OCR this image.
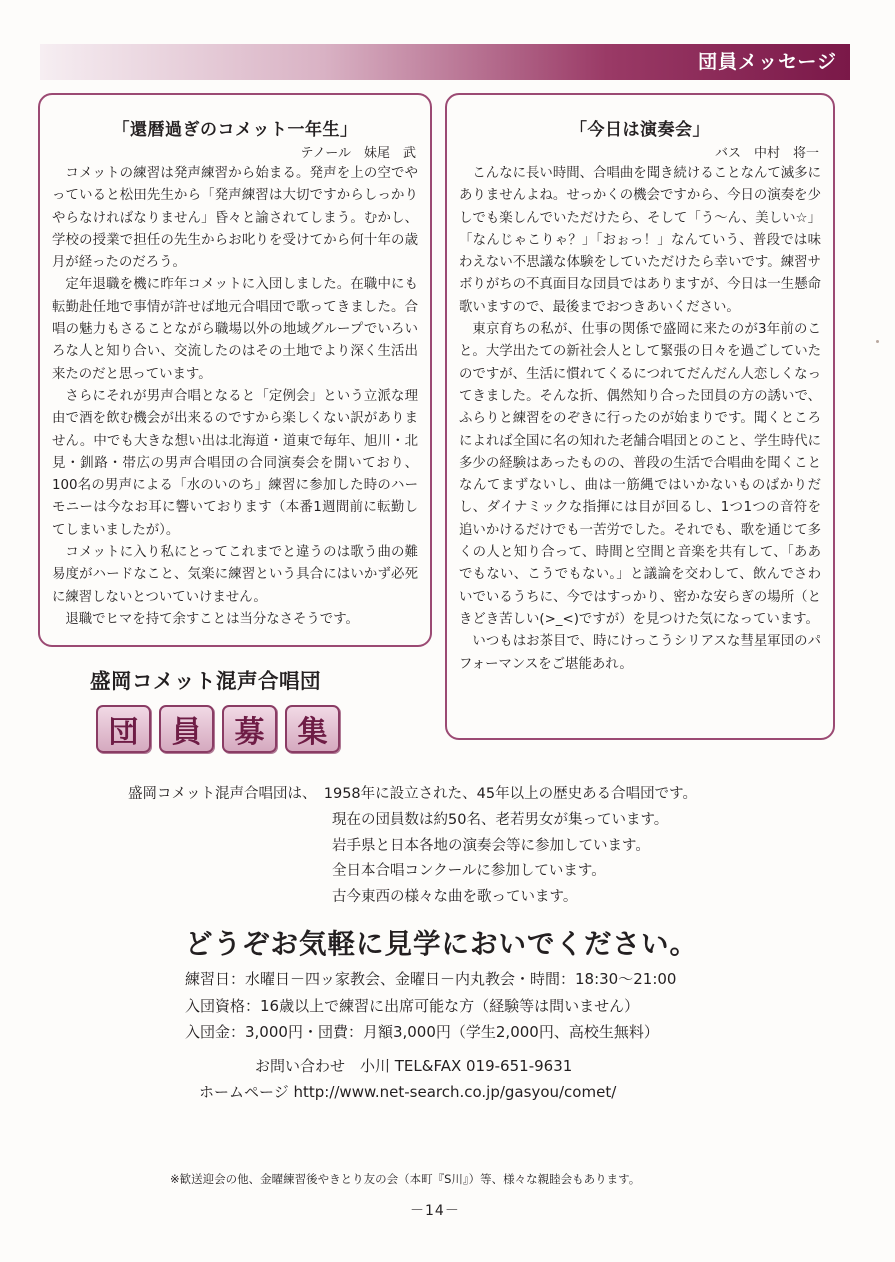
団員メッセージ
「還暦過ぎのコメット一年生」
テノール　妹尾　武

コメットの練習は発声練習から始まる。発声を上の空でやっていると松田先生から「発声練習は大切ですからしっかりやらなければなりません」昏々と諭されてしまう。むかし、学校の授業で担任の先生からお叱りを受けてから何十年の歳月が経ったのだろう。

定年退職を機に昨年コメットに入団しました。在職中にも転勤赴任地で事情が許せば地元合唱団で歌ってきました。合唱の魅力もさることながら職場以外の地域グループでいろいろな人と知り合い、交流したのはその土地でより深く生活出来たのだと思っています。

さらにそれが男声合唱となると「定例会」という立派な理由で酒を飲む機会が出来るのですから楽しくない訳がありません。中でも大きな想い出は北海道・道東で毎年、旭川・北見・釧路・帯広の男声合唱団の合同演奏会を開いており、100名の男声による「水のいのち」練習に参加した時のハーモニーは今なお耳に響いております（本番1週間前に転勤してしまいましたが）。

コメットに入り私にとってこれまでと違うのは歌う曲の難易度がハードなこと、気楽に練習という具合にはいかず必死に練習しないとついていけません。

退職でヒマを持て余すことは当分なさそうです。

「今日は演奏会」
バス　中村　将一

こんなに長い時間、合唱曲を聞き続けることなんて滅多にありませんよね。せっかくの機会ですから、今日の演奏を少しでも楽しんでいただけたら、そして「う～ん、美しい☆」「なんじゃこりゃ？」「おぉっ！」なんていう、普段では味わえない不思議な体験をしていただけたら幸いです。練習サボりがちの不真面目な団員ではありますが、今日は一生懸命歌いますので、最後までおつきあいください。

東京育ちの私が、仕事の関係で盛岡に来たのが3年前のこと。大学出たての新社会人として緊張の日々を過ごしていたのですが、生活に慣れてくるにつれてだんだん人恋しくなってきました。そんな折、偶然知り合った団員の方の誘いで、ふらりと練習をのぞきに行ったのが始まりです。聞くところによれば全国に名の知れた老舗合唱団とのこと、学生時代に多少の経験はあったものの、普段の生活で合唱曲を聞くことなんてまずないし、曲は一筋縄ではいかないものばかりだし、ダイナミックな指揮には目が回るし、1つ1つの音符を追いかけるだけでも一苦労でした。それでも、歌を通じて多くの人と知り合って、時間と空間と音楽を共有して、「ああでもない、こうでもない。」と議論を交わして、飲んでさわいでいるうちに、今ではすっかり、密かな安らぎの場所（ときどき苦しい(>_<)ですが）を見つけた気になっています。

いつもはお茶目で、時にけっこうシリアスな彗星軍団のパフォーマンスをご堪能あれ。

盛岡コメット混声合唱団
団	員	募	集
盛岡コメット混声合唱団は、　1958年に設立された、45年以上の歴史ある合唱団です。
現在の団員数は約50名、老若男女が集っています。
岩手県と日本各地の演奏会等に参加しています。
全日本合唱コンクールに参加しています。
古今東西の様々な曲を歌っています。
どうぞお気軽に見学においでください。
練習日：水曜日－四ッ家教会、金曜日－内丸教会・時間：18:30～21:00
入団資格：16歳以上で練習に出席可能な方（経験等は問いません）
入団金：3,000円・団費：月額3,000円（学生2,000円、高校生無料）
お問い合わせ　小川 TEL&FAX 019-651-9631
ホームページ http://www.net-search.co.jp/gasyou/comet/
※歓送迎会の他、金曜練習後やきとり友の会（本町『S川』）等、様々な親睦会もあります。
－14－
